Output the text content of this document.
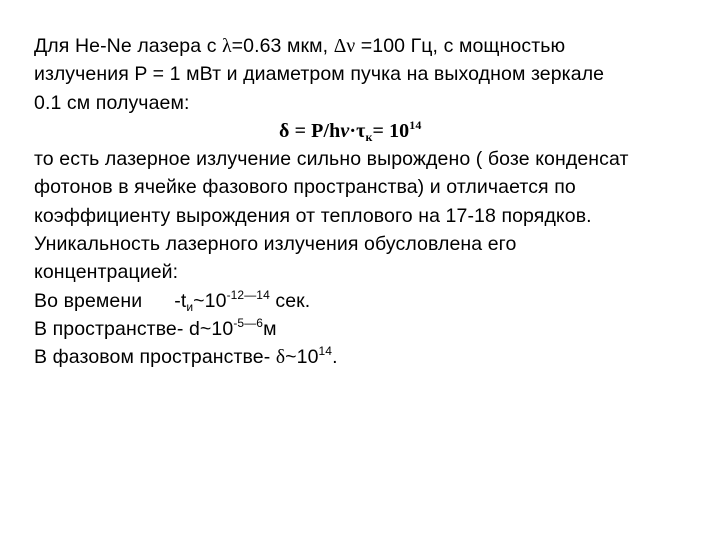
Для He-Ne лазера с λ=0.63 мкм, Δν =100 Гц, с мощностью
излучения P = 1 мВт и диаметром пучка на выходном зеркале
0.1 см получаем:
$\delta = P/h\nu\cdot\tau_к= 10^{14}$
то есть лазерное излучение сильно вырождено ( бозе конденсат
фотонов в ячейке фазового пространства) и отличается по
коэффициенту вырождения от теплового на 17-18 порядков.
Уникальность лазерного излучения обусловлена его
концентрацией:
Во времени $-t_и\sim 10^{-12—14}$ сек.
В пространстве- $d\sim 10^{-5—6}м$
В фазовом пространстве- $\delta\sim 10^{14}$.
